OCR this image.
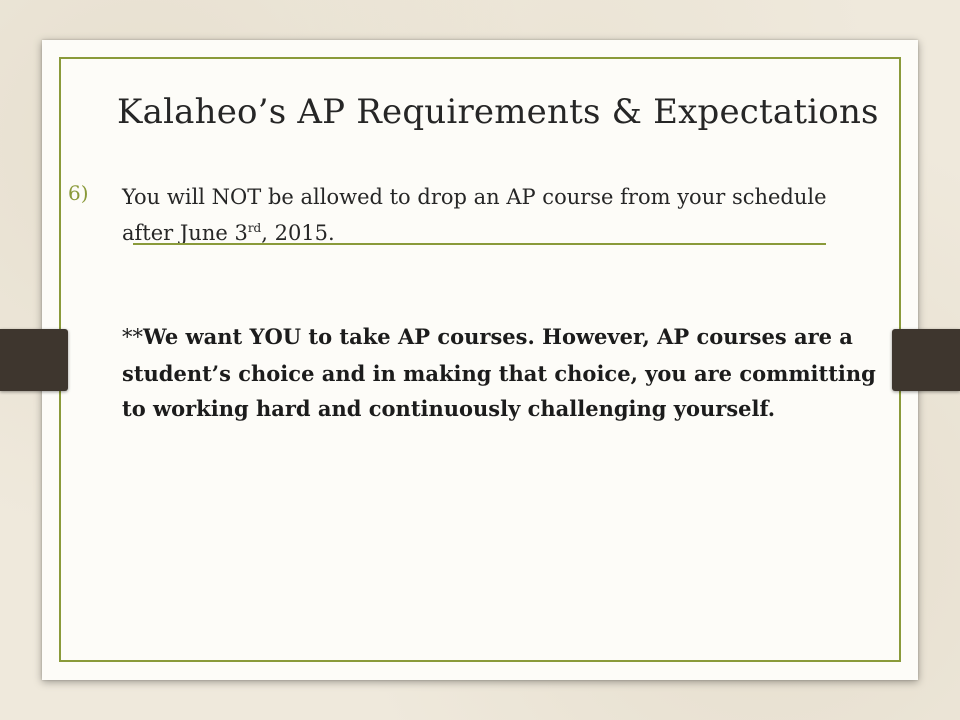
Kalaheo’s AP Requirements & Expectations
6) You will NOT be allowed to drop an AP course from your schedule after June 3rd, 2015.
**We want YOU to take AP courses. However, AP courses are a student’s choice and in making that choice, you are committing to working hard and continuously challenging yourself.
